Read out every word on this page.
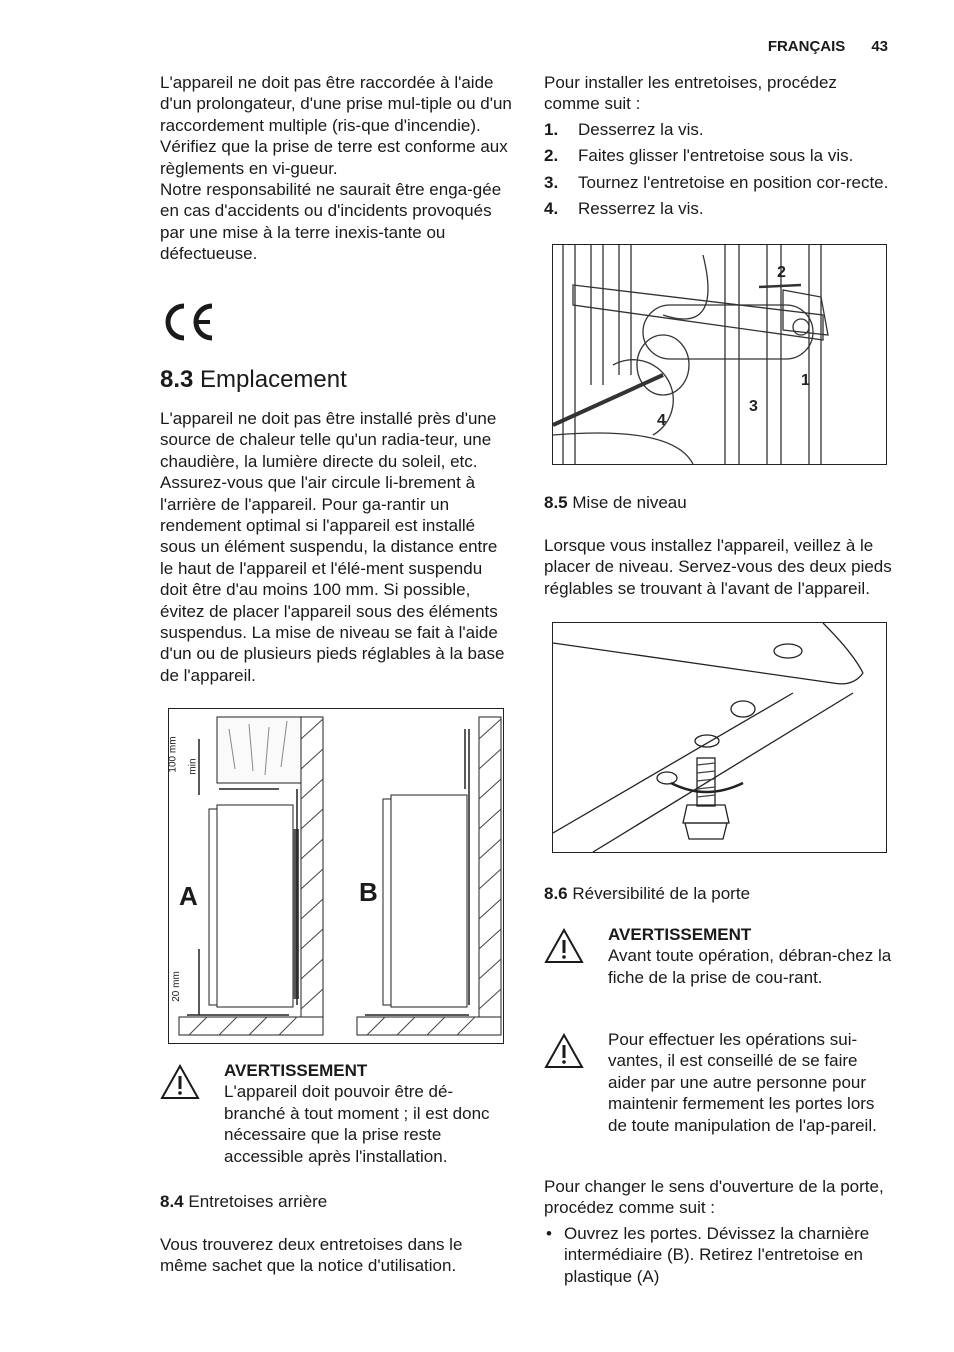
FRANÇAIS 43

L'appareil ne doit pas être raccordée à l'aide d'un prolongateur, d'une prise mul-tiple ou d'un raccordement multiple (ris-que d'incendie). Vérifiez que la prise de terre est conforme aux règlements en vi-gueur.

Notre responsabilité ne saurait être enga-gée en cas d'accidents ou d'incidents provoqués par une mise à la terre inexis-tante ou défectueuse.

8.3 Emplacement

L'appareil ne doit pas être installé près d'une source de chaleur telle qu'un radia-teur, une chaudière, la lumière directe du soleil, etc. Assurez-vous que l'air circule li-brement à l'arrière de l'appareil. Pour ga-rantir un rendement optimal si l'appareil est installé sous un élément suspendu, la distance entre le haut de l'appareil et l'élé-ment suspendu doit être d'au moins 100 mm. Si possible, évitez de placer l'appareil sous des éléments suspendus. La mise de niveau se fait à l'aide d'un ou de plusieurs pieds réglables à la base de l'appareil.

A	B
100 mm min
20 mm
AVERTISSEMENT
L'appareil doit pouvoir être dé-branché à tout moment ; il est donc nécessaire que la prise reste accessible après l'installation.
8.4 Entretoises arrière

Vous trouverez deux entretoises dans le même sachet que la notice d'utilisation.

Pour installer les entretoises, procédez comme suit :

1. Desserrez la vis.
2. Faites glisser l'entretoise sous la vis.
3. Tournez l'entretoise en position cor-recte.
4. Resserrez la vis.
2
1
3
4
8.5 Mise de niveau

Lorsque vous installez l'appareil, veillez à le placer de niveau. Servez-vous des deux pieds réglables se trouvant à l'avant de l'appareil.

8.6 Réversibilité de la porte
AVERTISSEMENT
Avant toute opération, débran-chez la fiche de la prise de cou-rant.
Pour effectuer les opérations sui-vantes, il est conseillé de se faire aider par une autre personne pour maintenir fermement les portes lors de toute manipulation de l'ap-pareil.

Pour changer le sens d'ouverture de la porte, procédez comme suit :

• Ouvrez les portes. Dévissez la charnière intermédiaire (B). Retirez l'entretoise en plastique (A)
